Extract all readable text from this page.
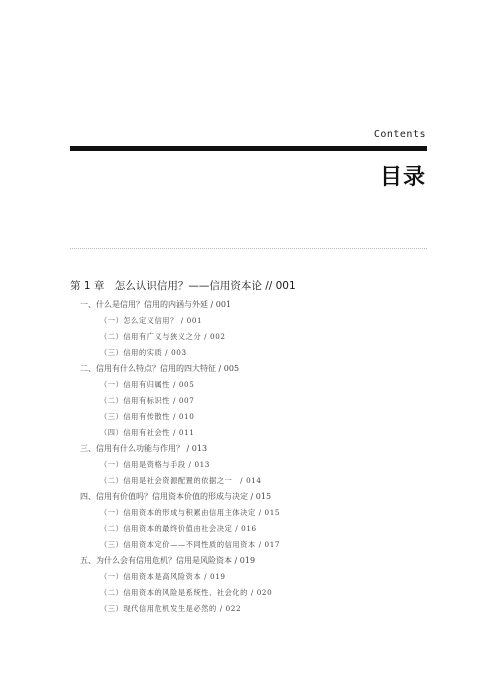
Contents
目录
第 1 章　怎么认识信用？——信用资本论 // 001
一、什么是信用？信用的内涵与外延 / 001
（一）怎么定义信用？ / 001
（二）信用有广义与狭义之分 / 002
（三）信用的实质 / 003
二、信用有什么特点？信用的四大特征 / 005
（一）信用有归属性 / 005
（二）信用有标识性 / 007
（三）信用有传散性 / 010
（四）信用有社会性 / 011
三、信用有什么功能与作用？ / 013
（一）信用是资格与手段 / 013
（二）信用是社会资源配置的依据之一　/ 014
四、信用有价值吗？信用资本价值的形成与决定 / 015
（一）信用资本的形成与积累由信用主体决定 / 015
（二）信用资本的最终价值由社会决定 / 016
（三）信用资本定价——不同性质的信用资本 / 017
五、为什么会有信用危机？信用是风险资本 / 019
（一）信用资本是高风险资本 / 019
（二）信用资本的风险是系统性、社会化的 / 020
（三）现代信用危机发生是必然的 / 022
